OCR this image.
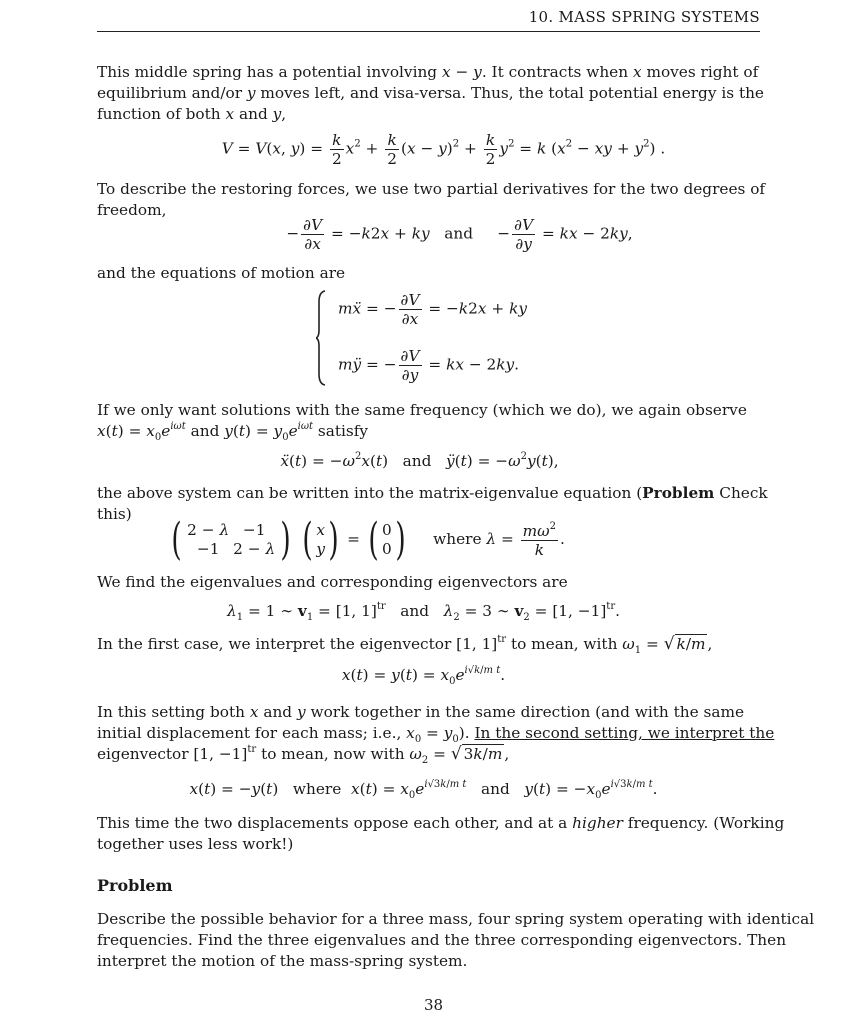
10. MASS SPRING SYSTEMS
This middle spring has a potential involving x − y. It contracts when x moves right of
equilibrium and/or y moves left, and visa-versa. Thus, the total potential energy is the
function of both x and y,
V = V(x, $y) = \frac{k}{2} x^2 + \frac{k}{2} (x - y)^2 + \frac{k}{2} y^2 = k$ ($x^2$ − xy + $y^2$) .
To describe the restoring forces, we use two partial derivatives for the two degrees of
freedom,
− $\frac{\partial V}{\partial x} = -k2x$ + ky and     − $\frac{\partial V}{\partial y}$ = kx − 2ky,
and the equations of motion are
mẍ = − $\frac{\partial V}{\partial x} = -k2x$ + ky
mÿ = − $\frac{\partial V}{\partial y}$ = kx − 2ky.
If we only want solutions with the same frequency (which we do), we again observe
$x(t) = x_0e^{i\omega t}$ and $y(t) = y_0e^{i\omega t}$ satisfy
ẍ(t) = $-\omega^2x(t)$   and ÿ(t) = $-\omega^2y(t)$,
the above system can be written into the matrix-eigenvalue equation (Problem Check
this) ( 2 − λ −1
−1 2 − λ ) ( x
y ) = ( 0
0 ) where $\lambda = \frac{m\omega^2}{k}$ .
We find the eigenvalues and corresponding eigenvectors are
$\lambda_1 = 1$ ∼ $v_1 = [1$, 1]$^{tr}$ and $\lambda_2 = 3$ ∼ $v_2 = [1$, −1]$^{tr}$.
In the first case, we interpret the eigenvector [1, 1]$^{tr}$ to mean, with $\omega_1$ = √ k/m ,
$x(t) = y(t) = x_0e^{i√k/m t}$.
In this setting both x and y work together in the same direction (and with the same
initial displacement for each mass; i.e., $x_0 = y_0$). In the second setting, we interpret the
eigenvector [1, −1]$^{tr}$ to mean, now with $\omega_2$ = √ 3k/m ,
x(t) = −y(t)   where $x(t) = x_0e^{i√3k/m t}$ and $y(t) = -x_0e^{i√3k/m t}$.
This time the two displacements oppose each other, and at a higher frequency. (Working
together uses less work!)
Problem
Describe the possible behavior for a three mass, four spring system operating with identical
frequencies. Find the three eigenvalues and the three corresponding eigenvectors. Then
interpret the motion of the mass-spring system.
38
